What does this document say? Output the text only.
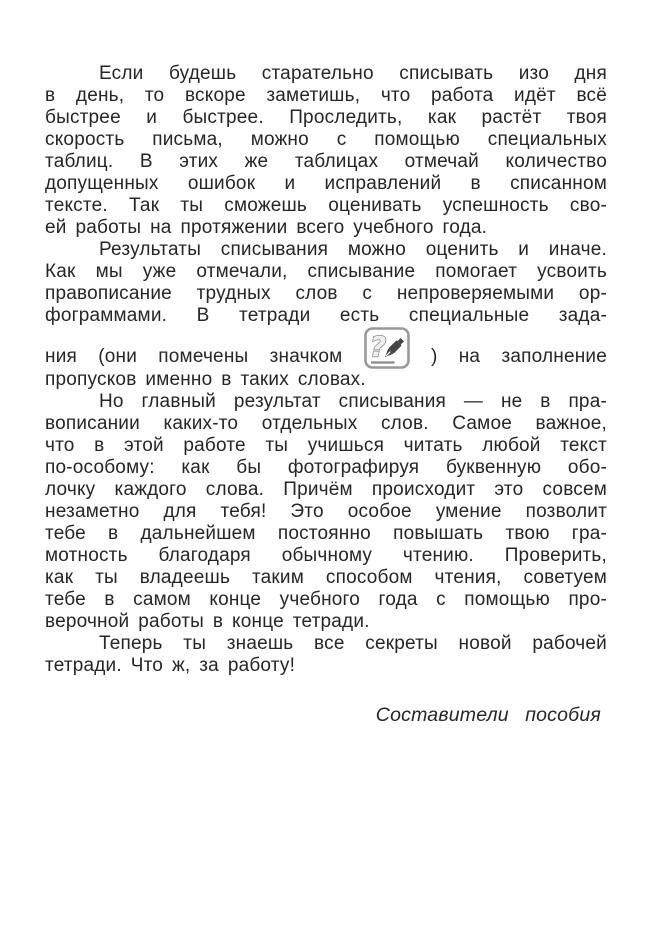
Если будешь старательно списывать изо дня
в день, то вскоре заметишь, что работа идёт всё
быстрее и быстрее. Проследить, как растёт твоя
скорость письма, можно с помощью специальных
таблиц. В этих же таблицах отмечай количество
допущенных ошибок и исправлений в списанном
тексте. Так ты сможешь оценивать успешность сво-
ей работы на протяжении всего учебного года.
Результаты списывания можно оценить и иначе.
Как мы уже отмечали, списывание помогает усвоить
правописание трудных слов с непроверяемыми ор-
фограммами. В тетради есть специальные зада-
ния (они помечены значком ? ) на заполнение
пропусков именно в таких словах.
Но главный результат списывания — не в пра-
вописании каких-то отдельных слов. Самое важное,
что в этой работе ты учишься читать любой текст
по-особому: как бы фотографируя буквенную обо-
лочку каждого слова. Причём происходит это совсем
незаметно для тебя! Это особое умение позволит
тебе в дальнейшем постоянно повышать твою гра-
мотность благодаря обычному чтению. Проверить,
как ты владеешь таким способом чтения, советуем
тебе в самом конце учебного года с помощью про-
верочной работы в конце тетради.
Теперь ты знаешь все секреты новой рабочей
тетради. Что ж, за работу!
Составители пособия
